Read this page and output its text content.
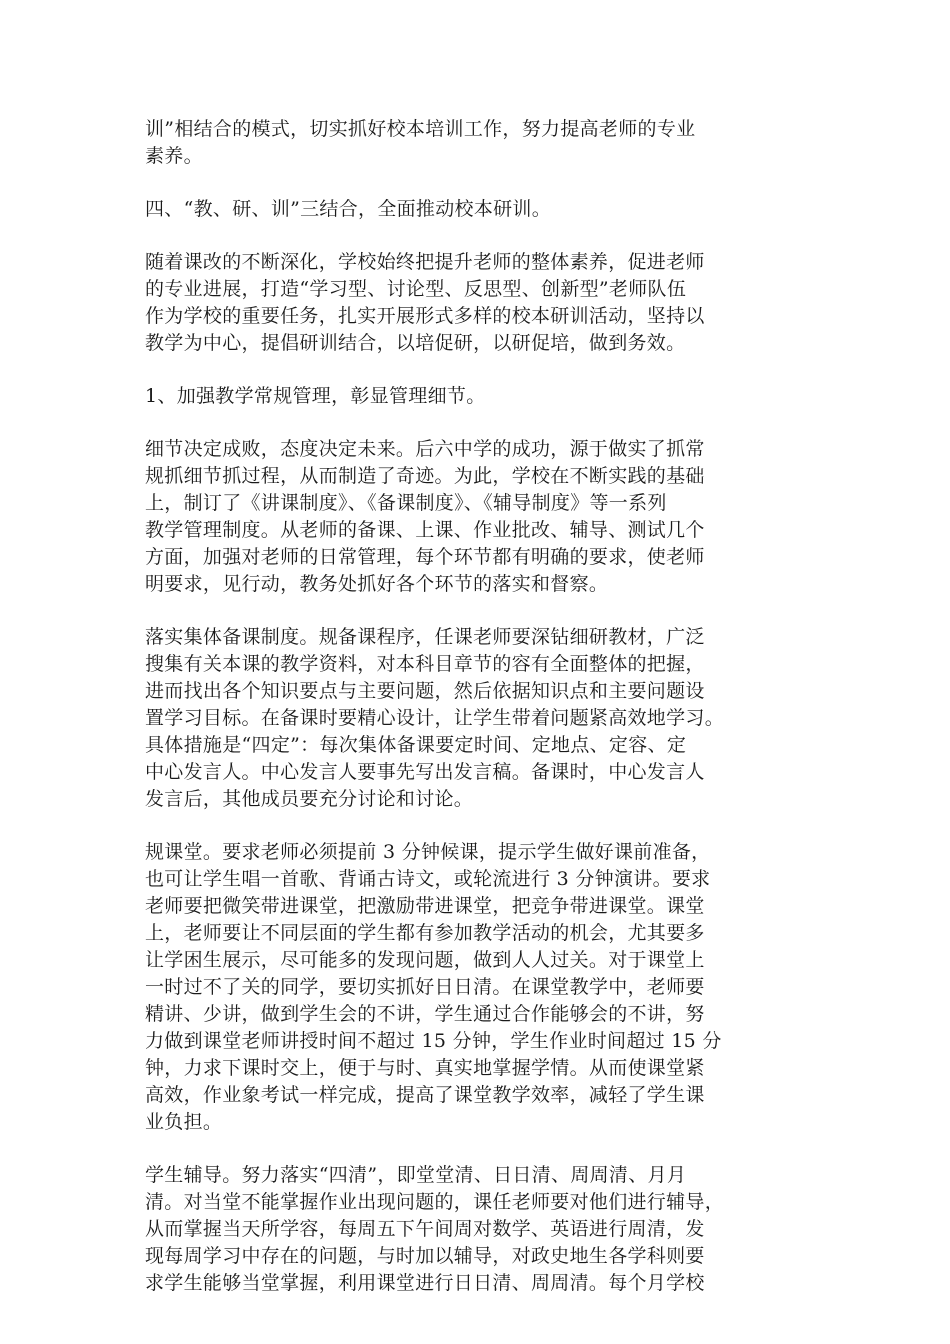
训”相结合的模式，切实抓好校本培训工作，努力提高老师的专业
素养。

四、“教、研、训”三结合，全面推动校本研训。

随着课改的不断深化，学校始终把提升老师的整体素养，促进老师
的专业进展，打造“学习型、讨论型、反思型、创新型”老师队伍
作为学校的重要任务，扎实开展形式多样的校本研训活动，坚持以
教学为中心，提倡研训结合，以培促研，以研促培，做到务效。

1、加强教学常规管理，彰显管理细节。

细节决定成败，态度决定未来。后六中学的成功，源于做实了抓常
规抓细节抓过程，从而制造了奇迹。为此，学校在不断实践的基础
上，制订了《讲课制度》、《备课制度》、《辅导制度》等一系列
教学管理制度。从老师的备课、上课、作业批改、辅导、测试几个
方面，加强对老师的日常管理，每个环节都有明确的要求，使老师
明要求，见行动，教务处抓好各个环节的落实和督察。

落实集体备课制度。规备课程序，任课老师要深钻细研教材，广泛
搜集有关本课的教学资料，对本科目章节的容有全面整体的把握，
进而找出各个知识要点与主要问题，然后依据知识点和主要问题设
置学习目标。在备课时要精心设计，让学生带着问题紧高效地学习。
具体措施是“四定”：每次集体备课要定时间、定地点、定容、定
中心发言人。中心发言人要事先写出发言稿。备课时，中心发言人
发言后，其他成员要充分讨论和讨论。

规课堂。要求老师必须提前 3 分钟候课，提示学生做好课前准备，
也可让学生唱一首歌、背诵古诗文，或轮流进行 3 分钟演讲。要求
老师要把微笑带进课堂，把激励带进课堂，把竞争带进课堂。课堂
上，老师要让不同层面的学生都有参加教学活动的机会，尤其要多
让学困生展示，尽可能多的发现问题，做到人人过关。对于课堂上
一时过不了关的同学，要切实抓好日日清。在课堂教学中，老师要
精讲、少讲，做到学生会的不讲，学生通过合作能够会的不讲，努
力做到课堂老师讲授时间不超过 15 分钟，学生作业时间超过 15 分
钟，力求下课时交上，便于与时、真实地掌握学情。从而使课堂紧
高效，作业象考试一样完成，提高了课堂教学效率，减轻了学生课
业负担。

学生辅导。努力落实“四清”，即堂堂清、日日清、周周清、月月
清。对当堂不能掌握作业出现问题的，课任老师要对他们进行辅导，
从而掌握当天所学容，每周五下午间周对数学、英语进行周清，发
现每周学习中存在的问题，与时加以辅导，对政史地生各学科则要
求学生能够当堂掌握，利用课堂进行日日清、周周清。每个月学校
